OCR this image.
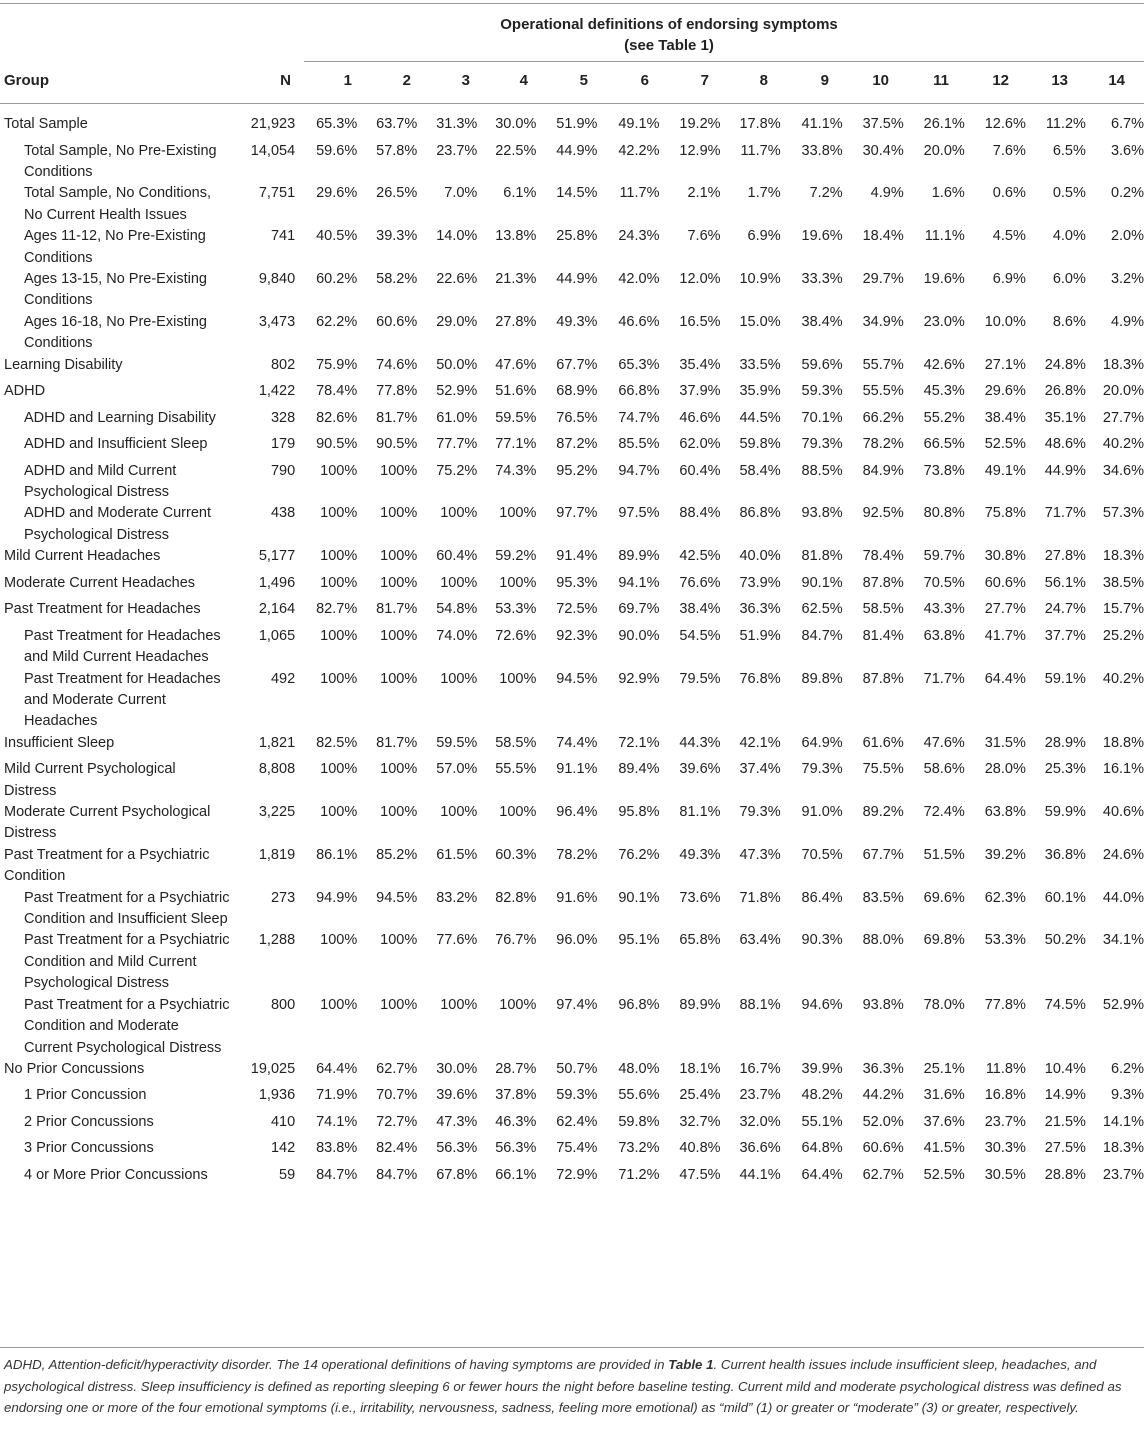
Operational definitions of endorsing symptoms
(see Table 1)
Group	N	1	2	3	4	5	6	7	8	9	10	11	12	13	14
Total Sample	21,923	65.3%	63.7%	31.3%	30.0%	51.9%	49.1%	19.2%	17.8%	41.1%	37.5%	26.1%	12.6%	11.2%	6.7%
Total Sample, No Pre-Existing Conditions	14,054	59.6%	57.8%	23.7%	22.5%	44.9%	42.2%	12.9%	11.7%	33.8%	30.4%	20.0%	7.6%	6.5%	3.6%
Total Sample, No Conditions, No Current Health Issues	7,751	29.6%	26.5%	7.0%	6.1%	14.5%	11.7%	2.1%	1.7%	7.2%	4.9%	1.6%	0.6%	0.5%	0.2%
Ages 11-12, No Pre-Existing Conditions	741	40.5%	39.3%	14.0%	13.8%	25.8%	24.3%	7.6%	6.9%	19.6%	18.4%	11.1%	4.5%	4.0%	2.0%
Ages 13-15, No Pre-Existing Conditions	9,840	60.2%	58.2%	22.6%	21.3%	44.9%	42.0%	12.0%	10.9%	33.3%	29.7%	19.6%	6.9%	6.0%	3.2%
Ages 16-18, No Pre-Existing Conditions	3,473	62.2%	60.6%	29.0%	27.8%	49.3%	46.6%	16.5%	15.0%	38.4%	34.9%	23.0%	10.0%	8.6%	4.9%
Learning Disability	802	75.9%	74.6%	50.0%	47.6%	67.7%	65.3%	35.4%	33.5%	59.6%	55.7%	42.6%	27.1%	24.8%	18.3%
ADHD	1,422	78.4%	77.8%	52.9%	51.6%	68.9%	66.8%	37.9%	35.9%	59.3%	55.5%	45.3%	29.6%	26.8%	20.0%
ADHD and Learning Disability	328	82.6%	81.7%	61.0%	59.5%	76.5%	74.7%	46.6%	44.5%	70.1%	66.2%	55.2%	38.4%	35.1%	27.7%
ADHD and Insufficient Sleep	179	90.5%	90.5%	77.7%	77.1%	87.2%	85.5%	62.0%	59.8%	79.3%	78.2%	66.5%	52.5%	48.6%	40.2%
ADHD and Mild Current Psychological Distress	790	100%	100%	75.2%	74.3%	95.2%	94.7%	60.4%	58.4%	88.5%	84.9%	73.8%	49.1%	44.9%	34.6%
ADHD and Moderate Current Psychological Distress	438	100%	100%	100%	100%	97.7%	97.5%	88.4%	86.8%	93.8%	92.5%	80.8%	75.8%	71.7%	57.3%
Mild Current Headaches	5,177	100%	100%	60.4%	59.2%	91.4%	89.9%	42.5%	40.0%	81.8%	78.4%	59.7%	30.8%	27.8%	18.3%
Moderate Current Headaches	1,496	100%	100%	100%	100%	95.3%	94.1%	76.6%	73.9%	90.1%	87.8%	70.5%	60.6%	56.1%	38.5%
Past Treatment for Headaches	2,164	82.7%	81.7%	54.8%	53.3%	72.5%	69.7%	38.4%	36.3%	62.5%	58.5%	43.3%	27.7%	24.7%	15.7%
Past Treatment for Headaches and Mild Current Headaches	1,065	100%	100%	74.0%	72.6%	92.3%	90.0%	54.5%	51.9%	84.7%	81.4%	63.8%	41.7%	37.7%	25.2%
Past Treatment for Headaches and Moderate Current Headaches	492	100%	100%	100%	100%	94.5%	92.9%	79.5%	76.8%	89.8%	87.8%	71.7%	64.4%	59.1%	40.2%
Insufficient Sleep	1,821	82.5%	81.7%	59.5%	58.5%	74.4%	72.1%	44.3%	42.1%	64.9%	61.6%	47.6%	31.5%	28.9%	18.8%
Mild Current Psychological Distress	8,808	100%	100%	57.0%	55.5%	91.1%	89.4%	39.6%	37.4%	79.3%	75.5%	58.6%	28.0%	25.3%	16.1%
Moderate Current Psychological Distress	3,225	100%	100%	100%	100%	96.4%	95.8%	81.1%	79.3%	91.0%	89.2%	72.4%	63.8%	59.9%	40.6%
Past Treatment for a Psychiatric Condition	1,819	86.1%	85.2%	61.5%	60.3%	78.2%	76.2%	49.3%	47.3%	70.5%	67.7%	51.5%	39.2%	36.8%	24.6%
Past Treatment for a Psychiatric Condition and Insufficient Sleep	273	94.9%	94.5%	83.2%	82.8%	91.6%	90.1%	73.6%	71.8%	86.4%	83.5%	69.6%	62.3%	60.1%	44.0%
Past Treatment for a Psychiatric Condition and Mild Current Psychological Distress	1,288	100%	100%	77.6%	76.7%	96.0%	95.1%	65.8%	63.4%	90.3%	88.0%	69.8%	53.3%	50.2%	34.1%
Past Treatment for a Psychiatric Condition and Moderate Current Psychological Distress	800	100%	100%	100%	100%	97.4%	96.8%	89.9%	88.1%	94.6%	93.8%	78.0%	77.8%	74.5%	52.9%
No Prior Concussions	19,025	64.4%	62.7%	30.0%	28.7%	50.7%	48.0%	18.1%	16.7%	39.9%	36.3%	25.1%	11.8%	10.4%	6.2%
1 Prior Concussion	1,936	71.9%	70.7%	39.6%	37.8%	59.3%	55.6%	25.4%	23.7%	48.2%	44.2%	31.6%	16.8%	14.9%	9.3%
2 Prior Concussions	410	74.1%	72.7%	47.3%	46.3%	62.4%	59.8%	32.7%	32.0%	55.1%	52.0%	37.6%	23.7%	21.5%	14.1%
3 Prior Concussions	142	83.8%	82.4%	56.3%	56.3%	75.4%	73.2%	40.8%	36.6%	64.8%	60.6%	41.5%	30.3%	27.5%	18.3%
4 or More Prior Concussions	59	84.7%	84.7%	67.8%	66.1%	72.9%	71.2%	47.5%	44.1%	64.4%	62.7%	52.5%	30.5%	28.8%	23.7%
ADHD, Attention-deficit/hyperactivity disorder. The 14 operational definitions of having symptoms are provided in Table 1. Current health issues include insufficient sleep, headaches, and psychological distress. Sleep insufficiency is defined as reporting sleeping 6 or fewer hours the night before baseline testing. Current mild and moderate psychological distress was defined as endorsing one or more of the four emotional symptoms (i.e., irritability, nervousness, sadness, feeling more emotional) as “mild” (1) or greater or “moderate” (3) or greater, respectively.
